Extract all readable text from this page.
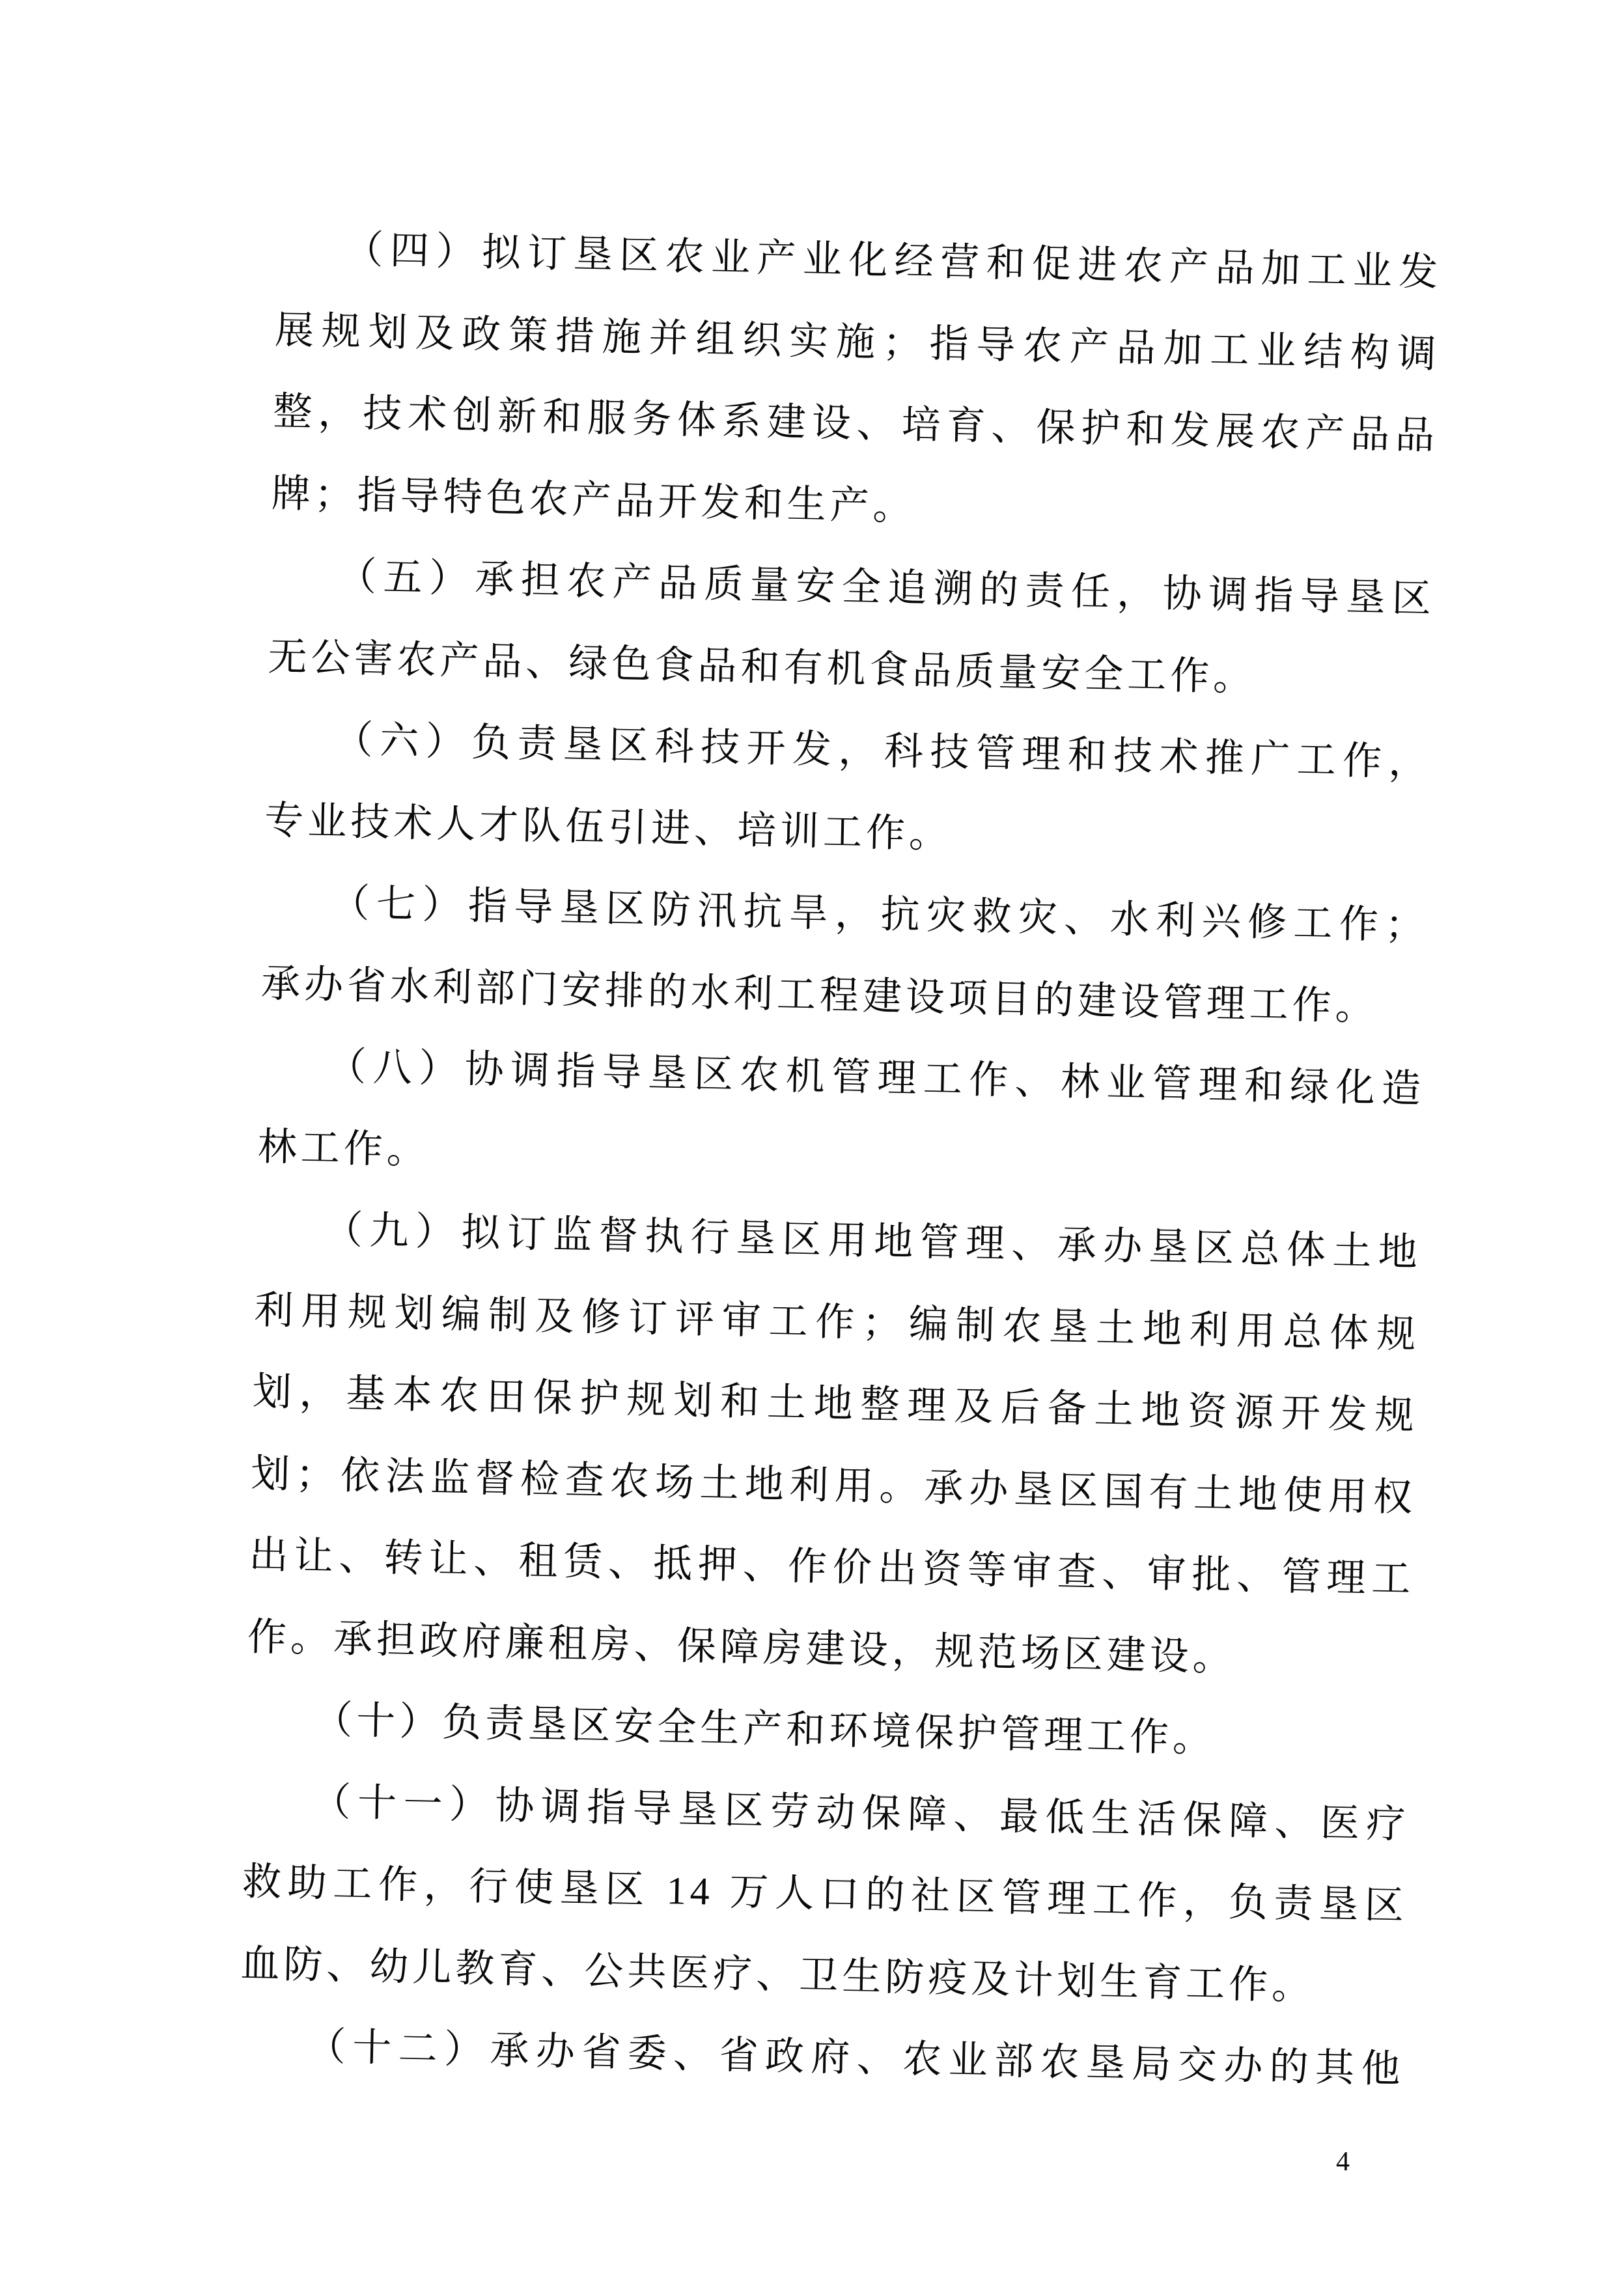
（四）拟订垦区农业产业化经营和促进农产品加工业发
展规划及政策措施并组织实施；指导农产品加工业结构调
整，技术创新和服务体系建设、培育、保护和发展农产品品
牌；指导特色农产品开发和生产。
（五）承担农产品质量安全追溯的责任，协调指导垦区
无公害农产品、绿色食品和有机食品质量安全工作。
（六）负责垦区科技开发，科技管理和技术推广工作，
专业技术人才队伍引进、培训工作。
（七）指导垦区防汛抗旱，抗灾救灾、水利兴修工作；
承办省水利部门安排的水利工程建设项目的建设管理工作。
（八）协调指导垦区农机管理工作、林业管理和绿化造
林工作。
（九）拟订监督执行垦区用地管理、承办垦区总体土地
利用规划编制及修订评审工作；编制农垦土地利用总体规
划，基本农田保护规划和土地整理及后备土地资源开发规
划；依法监督检查农场土地利用。承办垦区国有土地使用权
出让、转让、租赁、抵押、作价出资等审查、审批、管理工
作。承担政府廉租房、保障房建设，规范场区建设。
（十）负责垦区安全生产和环境保护管理工作。
（十一）协调指导垦区劳动保障、最低生活保障、医疗
救助工作，行使垦区 14 万人口的社区管理工作，负责垦区
血防、幼儿教育、公共医疗、卫生防疫及计划生育工作。
（十二）承办省委、省政府、农业部农垦局交办的其他
4
